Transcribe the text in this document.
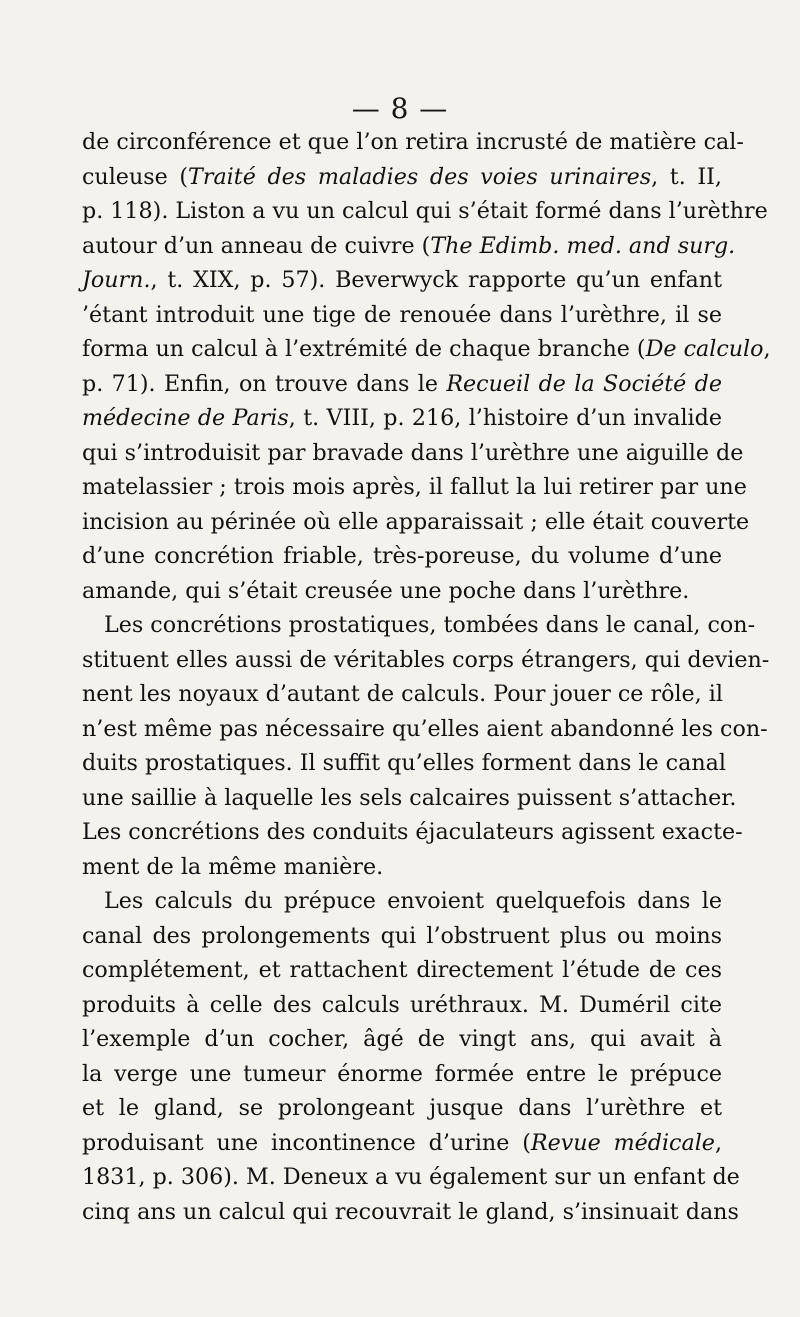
— 8 —
de circonférence et que l’on retira incrusté de matière cal-
culeuse (Traité des maladies des voies urinaires, t. II,
p. 118). Liston a vu un calcul qui s’était formé dans l’urèthre
autour d’un anneau de cuivre (The Edimb. med. and surg.
Journ., t. XIX, p. 57). Beverwyck rapporte qu’un enfant
’étant introduit une tige de renouée dans l’urèthre, il se
forma un calcul à l’extrémité de chaque branche (De calculo,
p. 71). Enfin, on trouve dans le Recueil de la Société de
médecine de Paris, t. VIII, p. 216, l’histoire d’un invalide
qui s’introduisit par bravade dans l’urèthre une aiguille de
matelassier ; trois mois après, il fallut la lui retirer par une
incision au périnée où elle apparaissait ; elle était couverte
d’une concrétion friable, très-poreuse, du volume d’une
amande, qui s’était creusée une poche dans l’urèthre.
Les concrétions prostatiques, tombées dans le canal, con-
stituent elles aussi de véritables corps étrangers, qui devien-
nent les noyaux d’autant de calculs. Pour jouer ce rôle, il
n’est même pas nécessaire qu’elles aient abandonné les con-
duits prostatiques. Il suffit qu’elles forment dans le canal
une saillie à laquelle les sels calcaires puissent s’attacher.
Les concrétions des conduits éjaculateurs agissent exacte-
ment de la même manière.
Les calculs du prépuce envoient quelquefois dans le
canal des prolongements qui l’obstruent plus ou moins
complétement, et rattachent directement l’étude de ces
produits à celle des calculs uréthraux. M. Duméril cite
l’exemple d’un cocher, âgé de vingt ans, qui avait à
la verge une tumeur énorme formée entre le prépuce
et le gland, se prolongeant jusque dans l’urèthre et
produisant une incontinence d’urine (Revue médicale,
1831, p. 306). M. Deneux a vu également sur un enfant de
cinq ans un calcul qui recouvrait le gland, s’insinuait dans
